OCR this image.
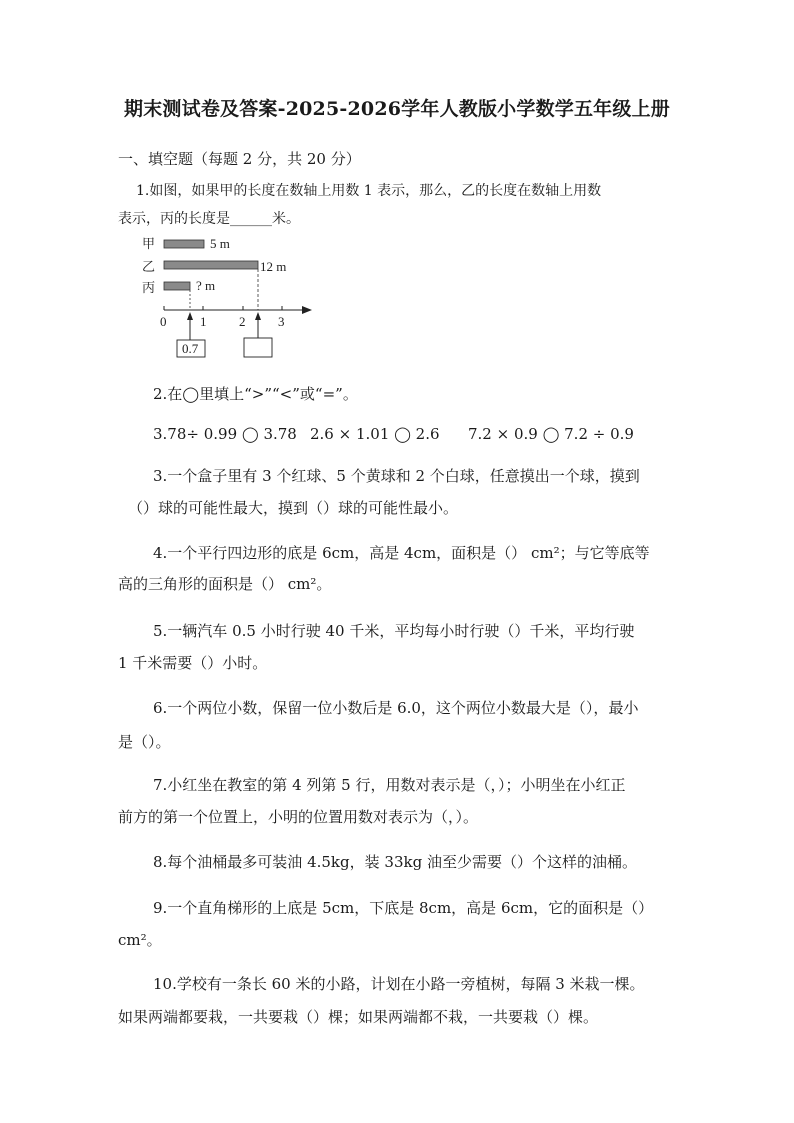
期末测试卷及答案-2025-2026学年人教版小学数学五年级上册

一、填空题（每题 2 分，共 20 分）

1.如图，如果甲的长度在数轴上用数 1 表示，那么，乙的长度在数轴上用数

表示，丙的长度是______米。

甲
乙
丙
5 m
12 m
? m
0	1	2	3
0.7

2.在◯里填上“>”“<”或“=”。

3.78÷ 0.99 ◯ 3.78 2.6 × 1.01 ◯ 2.6 7.2 × 0.9 ◯ 7.2 ÷ 0.9

3.一个盒子里有 3 个红球、5 个黄球和 2 个白球，任意摸出一个球，摸到

（）球的可能性最大，摸到（）球的可能性最小。

4.一个平行四边形的底是 6cm，高是 4cm，面积是（） cm²；与它等底等

高的三角形的面积是（） cm²。

5.一辆汽车 0.5 小时行驶 40 千米，平均每小时行驶（）千米，平均行驶

1 千米需要（）小时。

6.一个两位小数，保留一位小数后是 6.0，这个两位小数最大是（），最小

是（）。

7.小红坐在教室的第 4 列第 5 行，用数对表示是（，）；小明坐在小红正

前方的第一个位置上，小明的位置用数对表示为（，）。

8.每个油桶最多可装油 4.5kg，装 33kg 油至少需要（）个这样的油桶。

9.一个直角梯形的上底是 5cm，下底是 8cm，高是 6cm，它的面积是（）

cm²。

10.学校有一条长 60 米的小路，计划在小路一旁植树，每隔 3 米栽一棵。

如果两端都要栽，一共要栽（）棵；如果两端都不栽，一共要栽（）棵。
